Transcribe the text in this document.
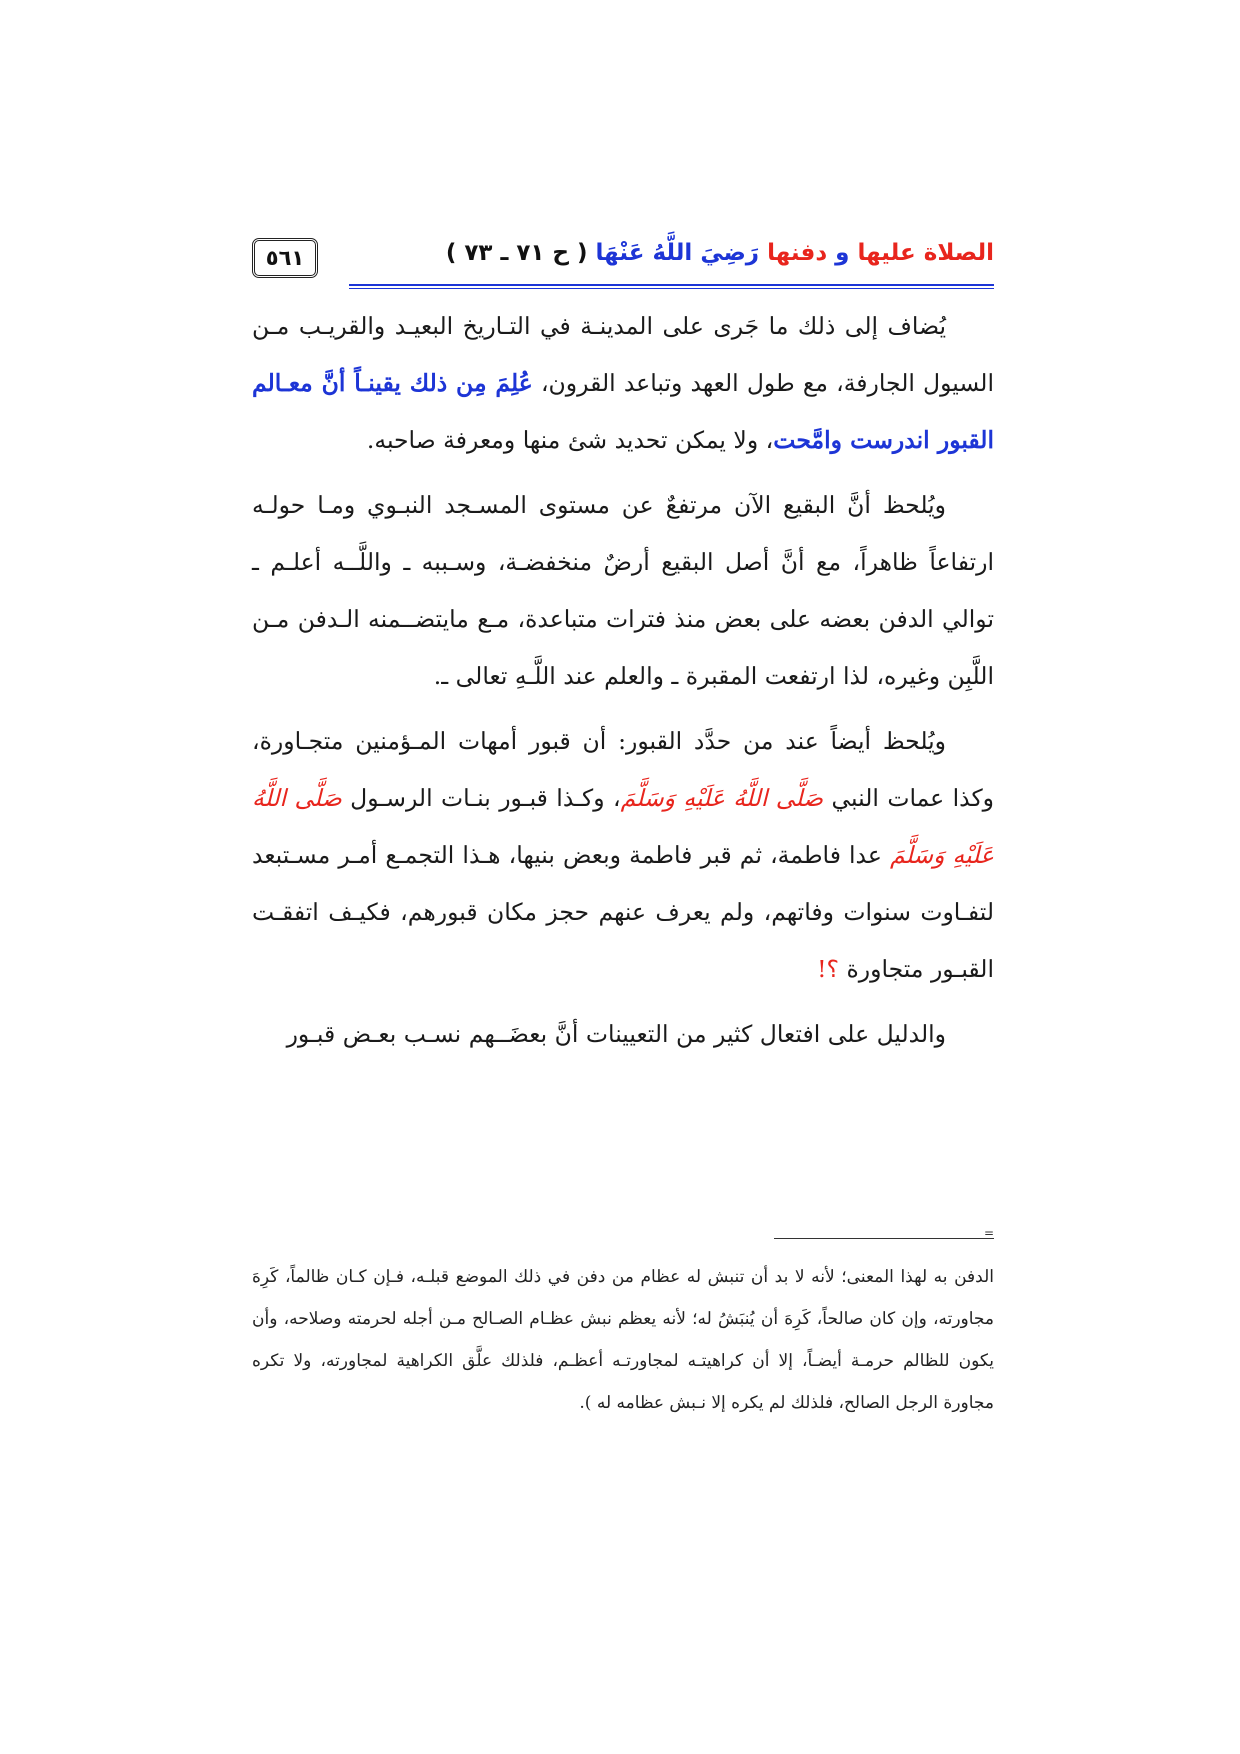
٥٦١	الصلاة عليها و دفنها رَضِيَ اللَّهُ عَنْهَا ( ح ٧١ ـ ٧٣ )

يُضاف إلى ذلك ما جَرى على المدينـة في التـاريخ البعيـد والقريـب مـن السيول الجارفة، مع طول العهد وتباعد القرون، عُلِمَ مِن ذلك يقينـاً أنَّ معـالم القبور اندرست وامَّحت، ولا يمكن تحديد شئ منها ومعرفة صاحبه.

ويُلحظ أنَّ البقيع الآن مرتفعٌ عن مستوى المسـجد النبـوي ومـا حولـه ارتفاعاً ظاهراً، مع أنَّ أصل البقيع أرضٌ منخفضـة، وسـببه ـ واللَّــه أعلـم ـ توالي الدفن بعضه على بعض منذ فترات متباعدة، مـع مايتضــمنه الـدفن مـن اللَّبِن وغيره، لذا ارتفعت المقبرة ـ والعلم عند اللَّـهِ تعالى ـ.

ويُلحظ أيضاً عند من حدَّد القبور: أن قبور أمهات المـؤمنين متجـاورة، وكذا عمات النبي صَلَّى اللَّهُ عَلَيْهِ وَسَلَّمَ، وكـذا قبـور بنـات الرسـول صَلَّى اللَّهُ عَلَيْهِ وَسَلَّمَ عدا فاطمة، ثم قبر فاطمة وبعض بنيها، هـذا التجمـع أمـر مسـتبعد لتفـاوت سنوات وفاتهم، ولم يعرف عنهم حجز مكان قبورهم، فكيـف اتفقـت القبـور متجاورة ؟!

والدليل على افتعال كثير من التعيينات أنَّ بعضَــهم نسـب بعـض قبـور

=

الدفن به لهذا المعنى؛ لأنه لا بد أن تنبش له عظام من دفن في ذلك الموضع قبلـه، فـإن كـان ظالماً، كَرِهَ مجاورته، وإن كان صالحاً، كَرِهَ أن يُنبَشُ له؛ لأنه يعظم نبش عظـام الصـالح مـن أجله لحرمته وصلاحه، وأن يكون للظالم حرمـة أيضـاً، إلا أن كراهيتـه لمجاورتـه أعظـم، فلذلك علَّق الكراهية لمجاورته، ولا تكره مجاورة الرجل الصالح، فلذلك لم يكره إلا نـبش عظامه له ).
